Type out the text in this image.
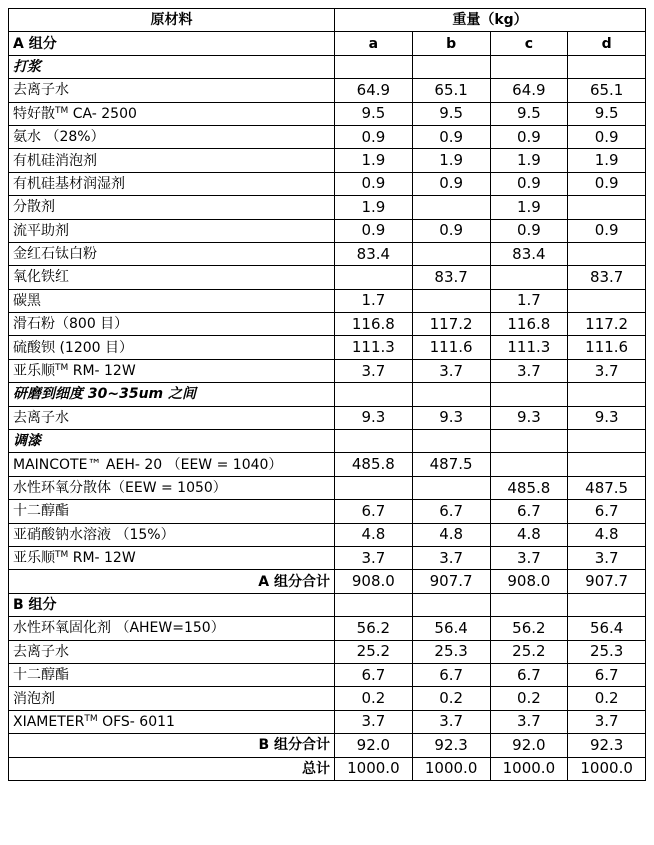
原材料	重量（kg）			
A 组分	a	b	c	d
打浆				
去离子水	64.9	65.1	64.9	65.1
特好散™ CA- 2500	9.5	9.5	9.5	9.5
氨水 （28%）	0.9	0.9	0.9	0.9
有机硅消泡剂	1.9	1.9	1.9	1.9
有机硅基材润湿剂	0.9	0.9	0.9	0.9
分散剂	1.9		1.9	
流平助剂	0.9	0.9	0.9	0.9
金红石钛白粉	83.4		83.4	
氧化铁红		83.7		83.7
碳黑	1.7		1.7	
滑石粉（800 目）	116.8	117.2	116.8	117.2
硫酸钡 (1200 目）	111.3	111.6	111.3	111.6
亚乐顺™ RM- 12W	3.7	3.7	3.7	3.7
研磨到细度 30~35um 之间				
去离子水	9.3	9.3	9.3	9.3
调漆				
MAINCOTE™ AEH- 20 （EEW = 1040）	485.8	487.5		
水性环氧分散体（EEW = 1050）			485.8	487.5
十二醇酯	6.7	6.7	6.7	6.7
亚硝酸钠水溶液 （15%）	4.8	4.8	4.8	4.8
亚乐顺™ RM- 12W	3.7	3.7	3.7	3.7
A 组分合计	908.0	907.7	908.0	907.7
B 组分				
水性环氧固化剂 （AHEW=150）	56.2	56.4	56.2	56.4
去离子水	25.2	25.3	25.2	25.3
十二醇酯	6.7	6.7	6.7	6.7
消泡剂	0.2	0.2	0.2	0.2
XIAMETER™ OFS- 6011	3.7	3.7	3.7	3.7
B 组分合计	92.0	92.3	92.0	92.3
总计	1000.0	1000.0	1000.0	1000.0
